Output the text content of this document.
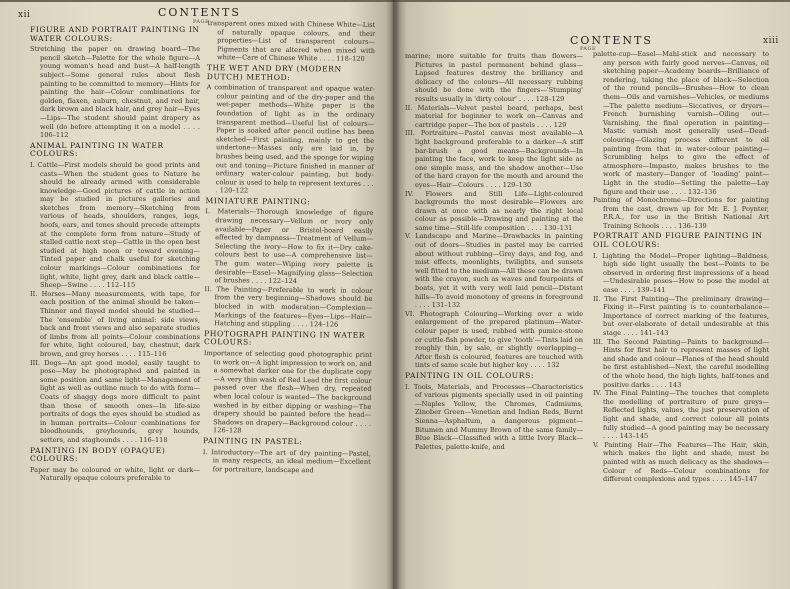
xii	CONTENTS
PAGE
FIGURE AND PORTRAIT PAINTING IN WATER COLOURS:
Stretching the paper on drawing board—The pencil sketch—Palette for the whole figure—A young woman's head and bust—A half-length subject—Some general rules about flesh painting to be committed to memory—Hints for painting the hair—Colour combinations for golden, flaxen, auburn, chestnut, and red hair, dark brown and black hair, and grey hair—Eyes—Lips—The student should paint drapery as well (do before attempting it on a model . . . . 106–112
ANIMAL PAINTING IN WATER COLOURS:
I. Cattle—First models should be good prints and casts—When the student goes to Nature he should be already armed with considerable knowledge—Good pictures of cattle in action may be studied in pictures galleries and sketches from memory—Sketching from various of heads, shoulders, ranges, legs, hoofs, ears, and tones should precede attempts at the complete form from nature—Study of stalled cattle next step—Cattle in the open best studied at high noon or toward evening—Tinted paper and chalk useful for sketching colour markings—Colour combinations for light, white, light grey, dark and black cattle—Sheep—Swine . . . . 112–115
II. Horses—Many measurements, with tape, for each position of the animal should be taken—Thinner and flayed model should be studied—The 'ensemble' of living animal: side views, back and front views and also separate studies of limbs from all points—Colour combinations for white, light coloured, bay, chestnut, dark brown, and grey horses . . . . 115–116
III. Dogs—An apt good model, easily taught to pose—May be photographed and painted in some position and same light—Management of light as well as outline much to do with form—Coats of shaggy dogs more difficult to paint than those of smooth ones—In life-size portraits of dogs the eyes should be studied as in human portraits—Colour combinations for bloodhounds, greyhounds, grey hounds, setters, and staghounds . . . . 116–118
PAINTING IN BODY (OPAQUE) COLOURS:
Paper may be coloured or white, light or dark—Naturally opaque colours preferable to
transparent ones mixed with Chinese White—List of naturally opaque colours, and their properties—List of transparent colours—Pigments that are altered when mixed with white—Care of Chinese White . . . . 118–120
THE WET AND DRY (MODERN DUTCH) METHOD:
A combination of transparent and opaque water-colour painting and of the dry-paper and the wet-paper methods—White paper is the foundation of light as in the ordinary transparent method—Useful list of colours—Paper is soaked after pencil outline has been sketched—First painting, mainly to get the undertone—Masses only are laid in, by brushes being used, and the sponge for wiping out and toning—Picture finished in manner of ordinary water-colour painting, but body-colour is used to help to represent textures . . . . 120–122
MINIATURE PAINTING:
I. Materials—Thorough knowledge of figure drawing necessary—Vellum or ivory only available—Paper or Bristol-board easily affected by dampness—Treatment of Vellum—Selecting the ivory—How to fix it—Dry cake-colours best to use—A comprehensive list—The gum water—Wiping ivory palette is desirable—Easel—Magnifying glass—Selection of brushes . . . . 122–124
II. The Painting—Preferable to work in colour from the very beginning—Shadows should be blocked in with moderation—Complexion—Markings of the features—Eyes—Lips—Hair—Hatching and stippling . . . . 124–126
PHOTOGRAPH PAINTING IN WATER COLOURS:
Importance of selecting good photographic print to work on—A light impression to work on, and a somewhat darker one for the duplicate copy—A very thin wash of Red Lead the first colour passed over the flesh—When dry, repeated when local colour is wanted—The background washed in by either dipping or washing—The drapery should be painted before the head—Shadows on drapery—Background colour . . . . 126–128
PAINTING IN PASTEL:
I. Introductory—The art of dry painting—Pastel, in many respects, an ideal medium—Excellent for portraiture, landscape and
CONTENTS	xiii
PAGE
marine; more suitable for fruits than flowers—Pictures in pastel permanent behind glass—Lapsed features destroy the brilliancy and delicacy of the colours—All necessary rubbing should be done with the fingers—'Stumping' results usually in 'dirty colour' . . . . 128–129
II. Materials—Velvet pastel board, perhaps, best material for beginner to work on—Canvas and cartridge paper—The box of pastels . . . . 129
III. Portraiture—Pastel canvas most available—A light background preferable to a darker—A stiff bar-brush a good means—Backgrounds—In painting the face, work to keep the light side as one simple mass, and the shadow another—Use of the hard crayon for the mouth and around the eyes—Hair—Colours . . . . 129–130
IV. Flowers and Still Life—Light-coloured backgrounds the most desirable—Flowers are drawn at once with as nearly the right local colour as possible—Drawing and painting at the same time—Still-life composition . . . . 130–131
V. Landscape and Marine—Drawbacks in painting out of doors—Studies in pastel may be carried about without rubbing—Grey days, and fog, and mist effects, moonlights, twilights, and sunsets well fitted to the medium—All these can be drawn with the crayon, such as waves and fourpoints of boats, yet it with very well laid pencil—Distant hills—To avoid monotony of greens in foreground . . . . 131–132
VI. Photograph Colouring—Working over a wide enlargement of the prepared platinum—Water-colour paper is used, rubbed with pumice-stone or cuttle-fish powder, to give 'tooth'—Tints laid on roughly thin, by sale, or slightly overlapping—After flesh is coloured, features are touched with tints of same scale but higher key . . . . 132
PAINTING IN OIL COLOURS:
I. Tools, Materials, and Processes—Characteristics of various pigments specially used in oil painting—Naples Yellow, the Chromes, Cadmiums, Zinober Green—Venetian and Indian Reds, Burnt Sienna—Asphaltum, a dangerous pigment—Bitumen and Mummy Brown of the same family—Blue Black—Classified with a little Ivory Black—Palettes, palette-knife, and
palette-cup—Easel—Mahl-stick and necessary to any person with fairly good nerves—Canvas, oil sketching paper—Academy boards—Brilliance of rendering, taking the place of black—Selection of the round pencils—Brushes—How to clean them—Oils and varnishes—Vehicles, or mediums—The palette medium—Siccatives, or dryers—French burnishing varnish—Oiling out—Varnishing, the final operation in painting—Mastic varnish most generally used—Dead-colouring—Glazing process different to oil painting from that in water-colour painting—Scrumbling helps to give the effect of atmosphere—Impasto, makes brushes to the work of mastery—Danger of 'loading' paint—Light in the studio—Setting the palette—Lay figure and their use . . . . 132–136
Painting of Monochrome—Directions for painting from the cast, drawn up for Mr. E. J. Poynter, P.R.A., for use in the British National Art Training Schools . . . . 136–139
PORTRAIT AND FIGURE PAINTING IN OIL COLOURS:
I. Lighting the Model—Proper lighting—Baldness, high side light usually the best—Points to be observed in ordering first impressions of a head—Undesirable poses—How to pose the model at ease . . . . 139–141
II. The First Painting—The preliminary drawing—Fixing it—First painting is to counterbalance—Importance of correct marking of the features, but over-elaborate of detail undesirable at this stage . . . . 141–143
III. The Second Painting—Paints to background—Hints for first hair to represent masses of light and shade and colour—Planes of the head should be first established—Next, the careful modelling of the whole head, the high lights, half-tones and positive darks . . . . 143
IV. The Final Painting—The touches that complete the modelling of portraiture of pure greys—Reflected lights, values, the just preservation of light and shade, and correct colour all points fully studied—A good painting may be necessary . . . . 143–145
V. Painting Hair—The Features—The Hair, skin, which makes the light and shade, must be painted with as much delicacy as the shadows—Colour of Reds—Colour combinations for different complexions and types . . . . 145–147
